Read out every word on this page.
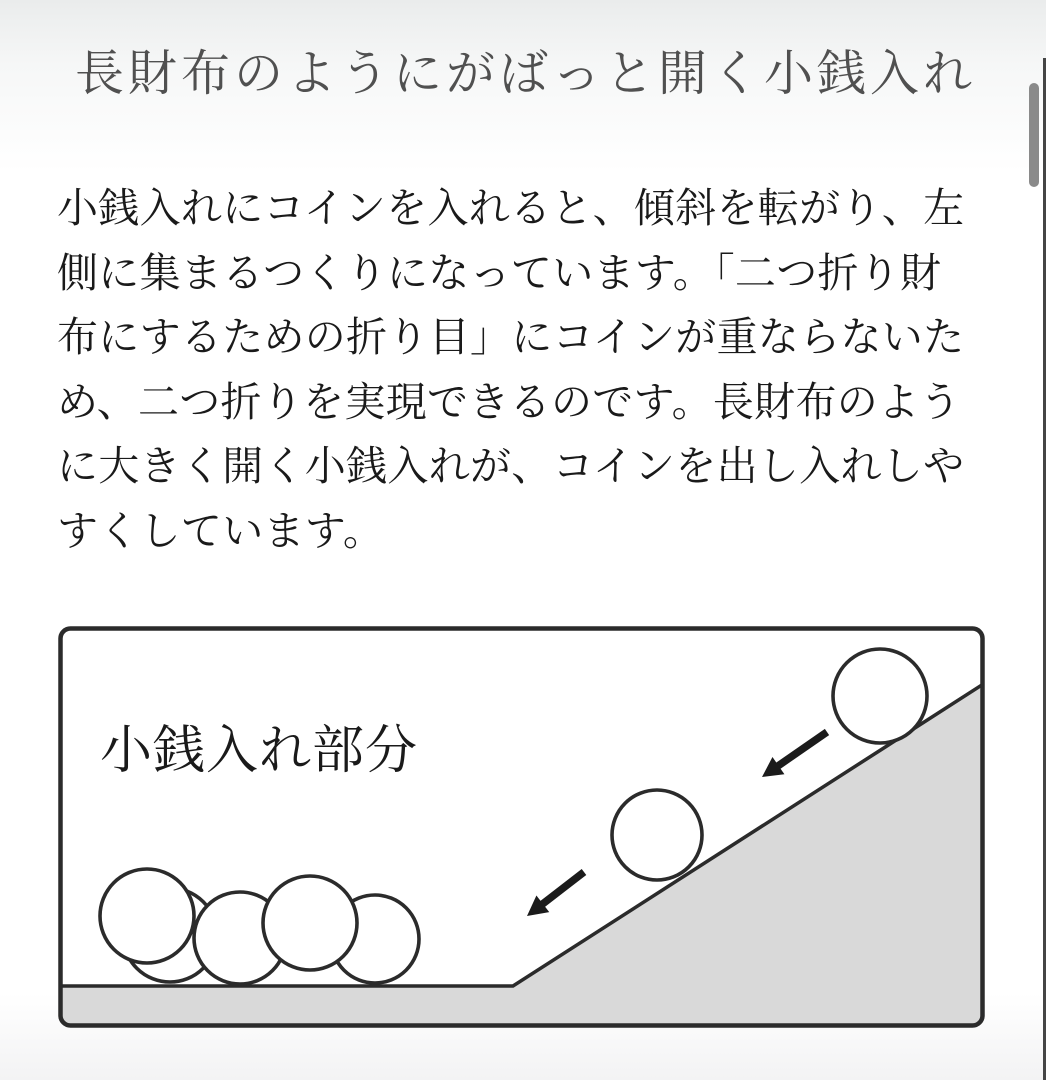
長財布のようにがばっと開く小銭入れ
小銭入れにコインを入れると、傾斜を転がり、左
側に集まるつくりになっています。「二つ折り財
布にするための折り目」にコインが重ならないた
め、二つ折りを実現できるのです。長財布のよう
に大きく開く小銭入れが、コインを出し入れしや
すくしています。
小銭入れ部分
